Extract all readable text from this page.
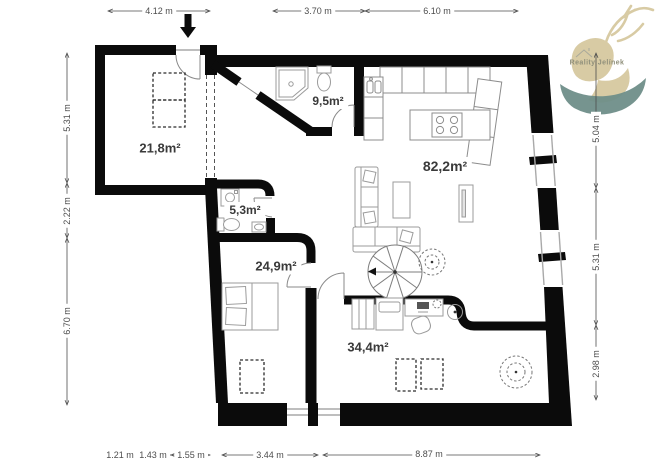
21,8m²
9,5m²
82,2m²
5,3m²
24,9m²
34,4m²
4.12 m	3.70 m	6.10 m
5.31 m
2.22 m
6.70 m
5.04 m
5.31 m
2.98 m
1.21 m 1.43 m	1.55 m	3.44 m	8.87 m
Reality Jelínek
